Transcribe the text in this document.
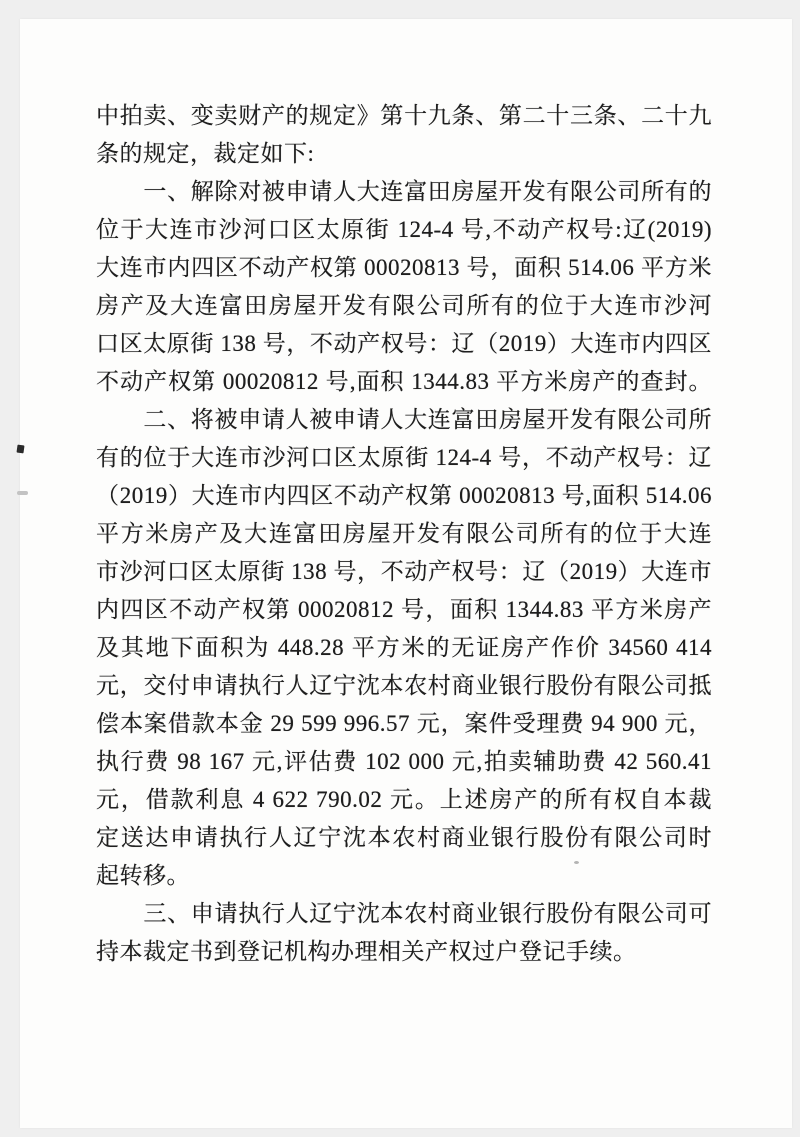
中拍卖、变卖财产的规定》第十九条、第二十三条、二十九
条的规定，裁定如下:
　　一、解除对被申请人大连富田房屋开发有限公司所有的
位于大连市沙河口区太原街 124-4 号,不动产权号:辽(2019)
大连市内四区不动产权第 00020813 号，面积 514.06 平方米
房产及大连富田房屋开发有限公司所有的位于大连市沙河
口区太原街 138 号，不动产权号：辽（2019）大连市内四区
不动产权第 00020812 号,面积 1344.83 平方米房产的查封。
　　二、将被申请人被申请人大连富田房屋开发有限公司所
有的位于大连市沙河口区太原街 124-4 号，不动产权号：辽
（2019）大连市内四区不动产权第 00020813 号,面积 514.06
平方米房产及大连富田房屋开发有限公司所有的位于大连
市沙河口区太原街 138 号，不动产权号：辽（2019）大连市
内四区不动产权第 00020812 号，面积 1344.83 平方米房产
及其地下面积为 448.28 平方米的无证房产作价 34560 414
元，交付申请执行人辽宁沈本农村商业银行股份有限公司抵
偿本案借款本金 29 599 996.57 元，案件受理费 94 900 元，
执行费 98 167 元,评估费 102 000 元,拍卖辅助费 42 560.41
元，借款利息 4 622 790.02 元。上述房产的所有权自本裁
定送达申请执行人辽宁沈本农村商业银行股份有限公司时
起转移。
　　三、申请执行人辽宁沈本农村商业银行股份有限公司可
持本裁定书到登记机构办理相关产权过户登记手续。
